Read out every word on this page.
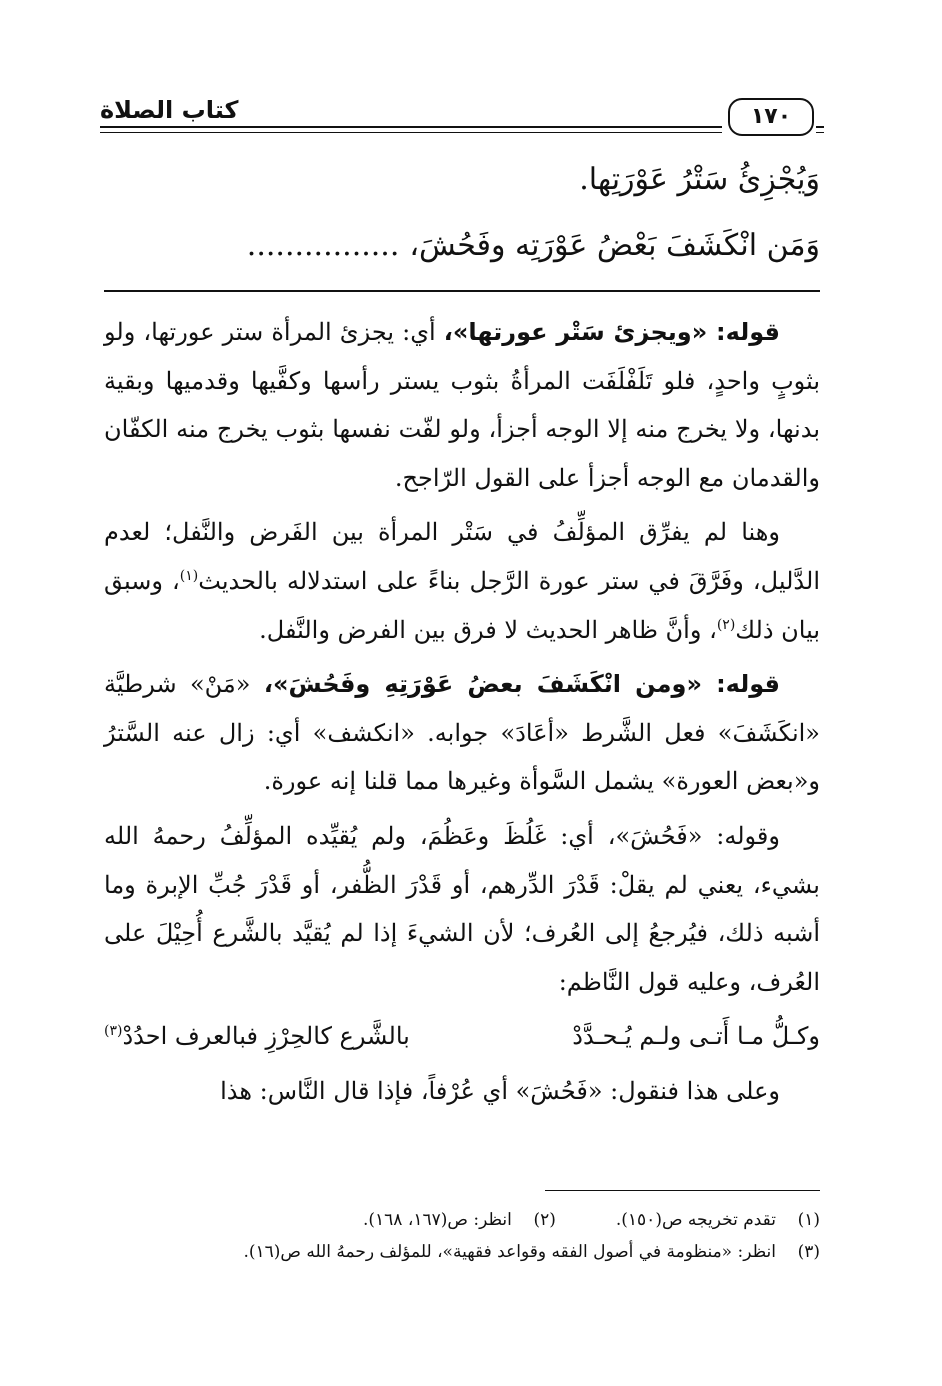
كتاب الصلاة	١٧٠
وَيُجْزِئُ سَتْرُ عَوْرَتِها.
وَمَن انْكَشَفَ بَعْضُ عَوْرَتِه وفَحُشَ،................

قوله: «ويجزئ سَتْر عورتها»، أي: يجزئ المرأة ستر عورتها، ولو بثوبٍ واحدٍ، فلو تَلَفْلَفَت المرأةُ بثوب يستر رأسها وكفَّيها وقدميها وبقية بدنها، ولا يخرج منه إلا الوجه أجزأ، ولو لفّت نفسها بثوب يخرج منه الكفّان والقدمان مع الوجه أجزأ على القول الرّاجح.

وهنا لم يفرِّق المؤلِّفُ في سَتْر المرأة بين الفَرض والنَّفل؛ لعدم الدَّليل، وفَرَّقَ في ستر عورة الرَّجل بناءً على استدلاله بالحديث$^{(١)}$، وسبق بيان ذلك$^{(٢)}$، وأنَّ ظاهر الحديث لا فرق بين الفرض والنَّفل.

قوله: «ومن انْكَشَفَ بعضُ عَوْرَتِهِ وفَحُشَ»، «مَنْ» شرطيَّة «انكَشَفَ» فعل الشَّرط «أعَادَ» جوابه. «انكشف» أي: زال عنه السَّترُ و«بعض العورة» يشمل السَّوأة وغيرها مما قلنا إنه عورة.

وقوله: «فَحُشَ»، أي: غَلُظَ وعَظُمَ، ولم يُقيِّده المؤلِّفُ رحمهُ الله بشيء، يعني لم يقلْ: قَدْرَ الدِّرهم، أو قَدْرَ الظُّفر، أو قَدْرَ جُبِّ الإبرة وما أشبه ذلك، فيُرجعُ إلى العُرف؛ لأن الشيءَ إذا لم يُقيَّد بالشَّرع أُحِيْلَ على العُرف، وعليه قول النَّاظم:

وكـلُّ مـا أَتـى ولـم يُـحـدَّدْ
بالشَّرع كالحِرْزِ فبالعرف احدُدْ$^{(٣)}$

وعلى هذا فنقول: «فَحُشَ» أي عُرْفاً، فإذا قال النَّاس: هذا

(١)
تقدم تخريجه ص(١٥٠).
(٢)
انظر: ص(١٦٧، ١٦٨).
(٣)
انظر: «منظومة في أصول الفقه وقواعد فقهية»، للمؤلف رحمهُ الله ص(١٦).
